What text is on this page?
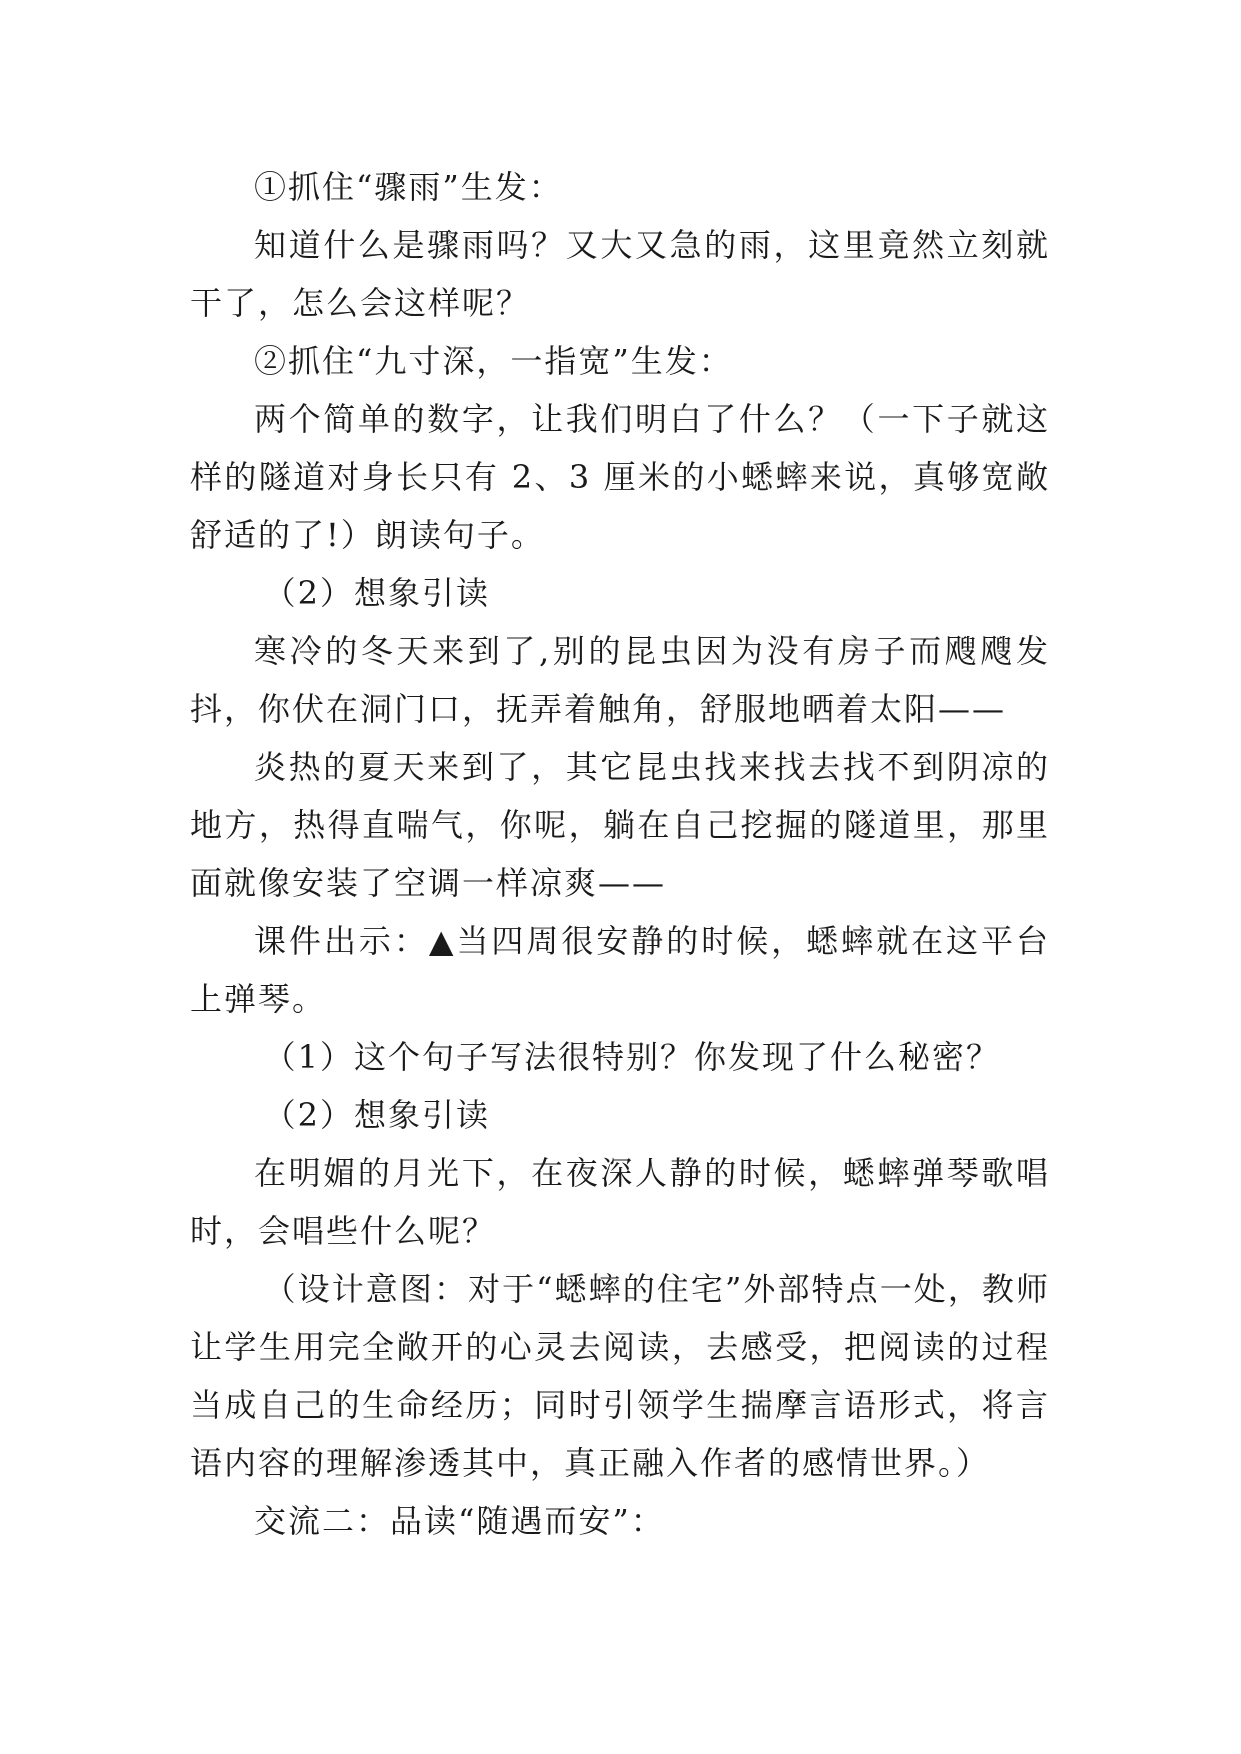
①抓住“骤雨”生发：

知道什么是骤雨吗？又大又急的雨，这里竟然立刻就干了，怎么会这样呢？

②抓住“九寸深，一指宽”生发：

两个简单的数字，让我们明白了什么？（一下子就这样的隧道对身长只有 2、3 厘米的小蟋蟀来说，真够宽敞舒适的了!）朗读句子。

（2）想象引读

寒冷的冬天来到了,别的昆虫因为没有房子而飕飕发抖，你伏在洞门口，抚弄着触角，舒服地晒着太阳——

炎热的夏天来到了，其它昆虫找来找去找不到阴凉的地方，热得直喘气，你呢，躺在自己挖掘的隧道里，那里面就像安装了空调一样凉爽——

课件出示：▲当四周很安静的时候，蟋蟀就在这平台上弹琴。

（1）这个句子写法很特别？你发现了什么秘密？

（2）想象引读

在明媚的月光下，在夜深人静的时候，蟋蟀弹琴歌唱时，会唱些什么呢？

（设计意图：对于“蟋蟀的住宅”外部特点一处，教师让学生用完全敞开的心灵去阅读，去感受，把阅读的过程当成自己的生命经历；同时引领学生揣摩言语形式，将言语内容的理解渗透其中，真正融入作者的感情世界。）

交流二：品读“随遇而安”：
